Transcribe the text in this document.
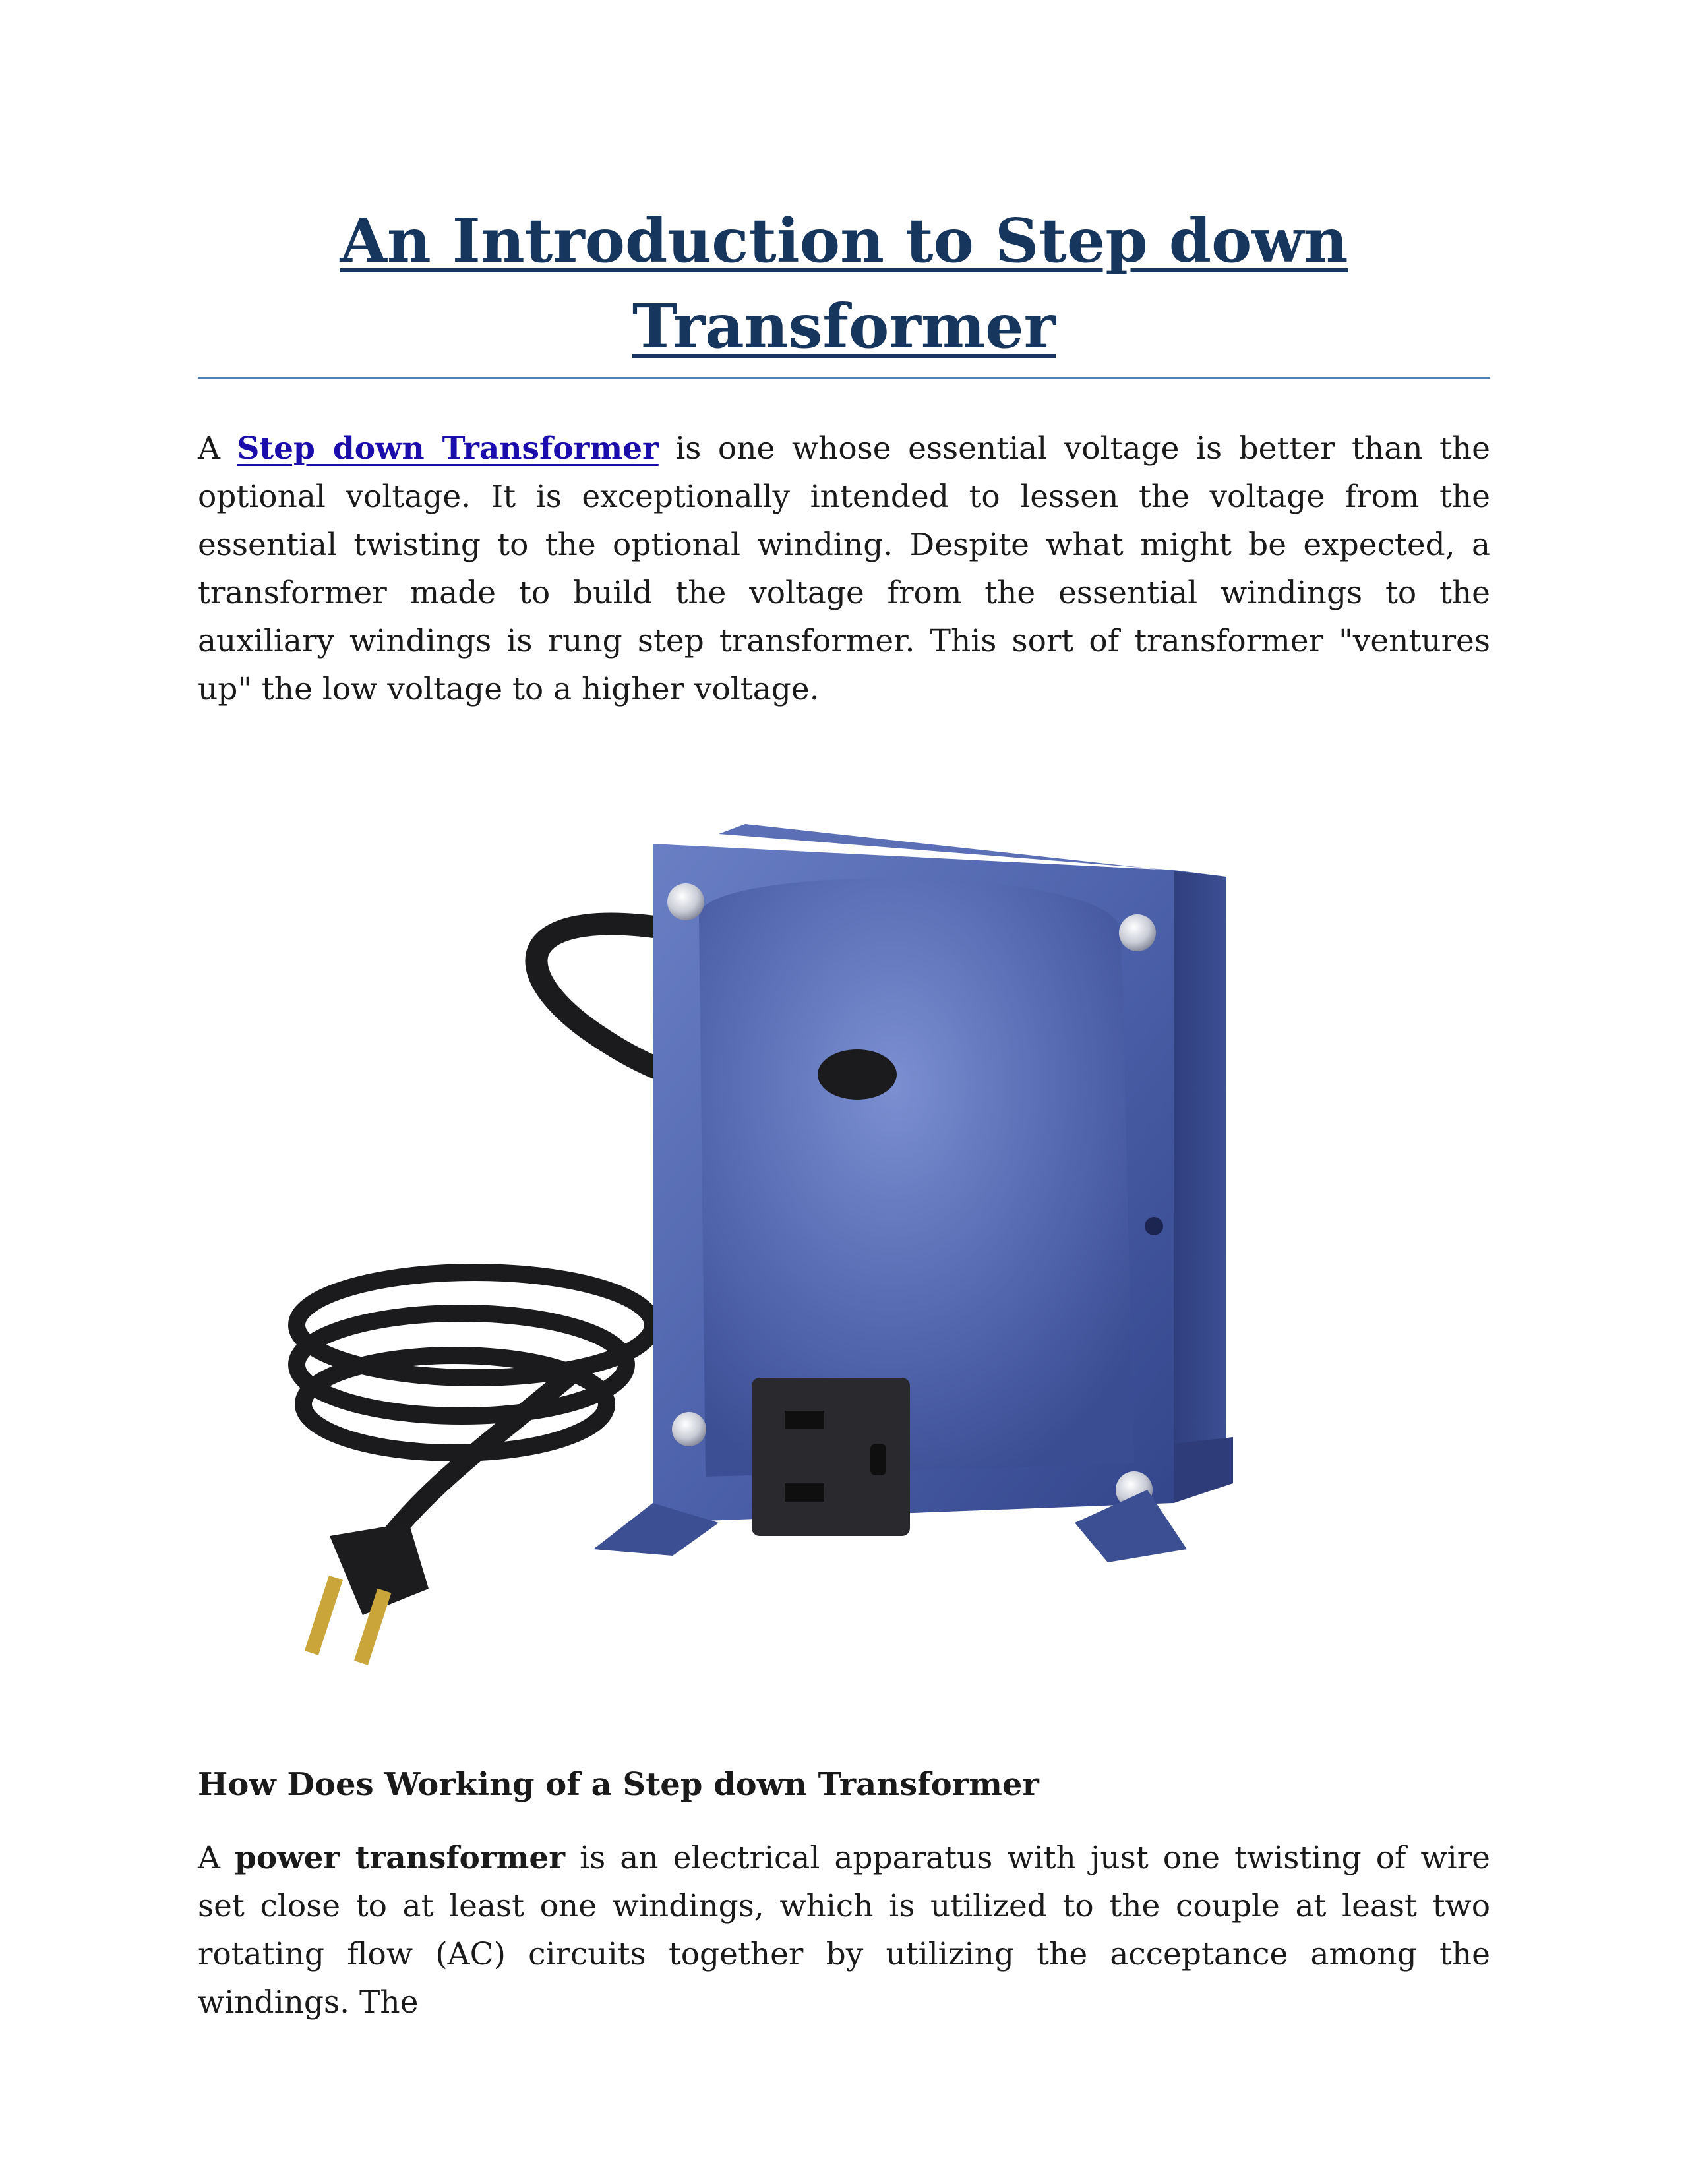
An Introduction to Step down
Transformer

A Step down Transformer is one whose essential voltage is better than the optional voltage. It is exceptionally intended to lessen the voltage from the essential twisting to the optional winding. Despite what might be expected, a transformer made to build the voltage from the essential windings to the auxiliary windings is rung step transformer. This sort of transformer "ventures up" the low voltage to a higher voltage.

How Does Working of a Step down Transformer

A power transformer is an electrical apparatus with just one twisting of wire set close to at least one windings, which is utilized to the couple at least two rotating flow (AC) circuits together by utilizing the acceptance among the windings. The
